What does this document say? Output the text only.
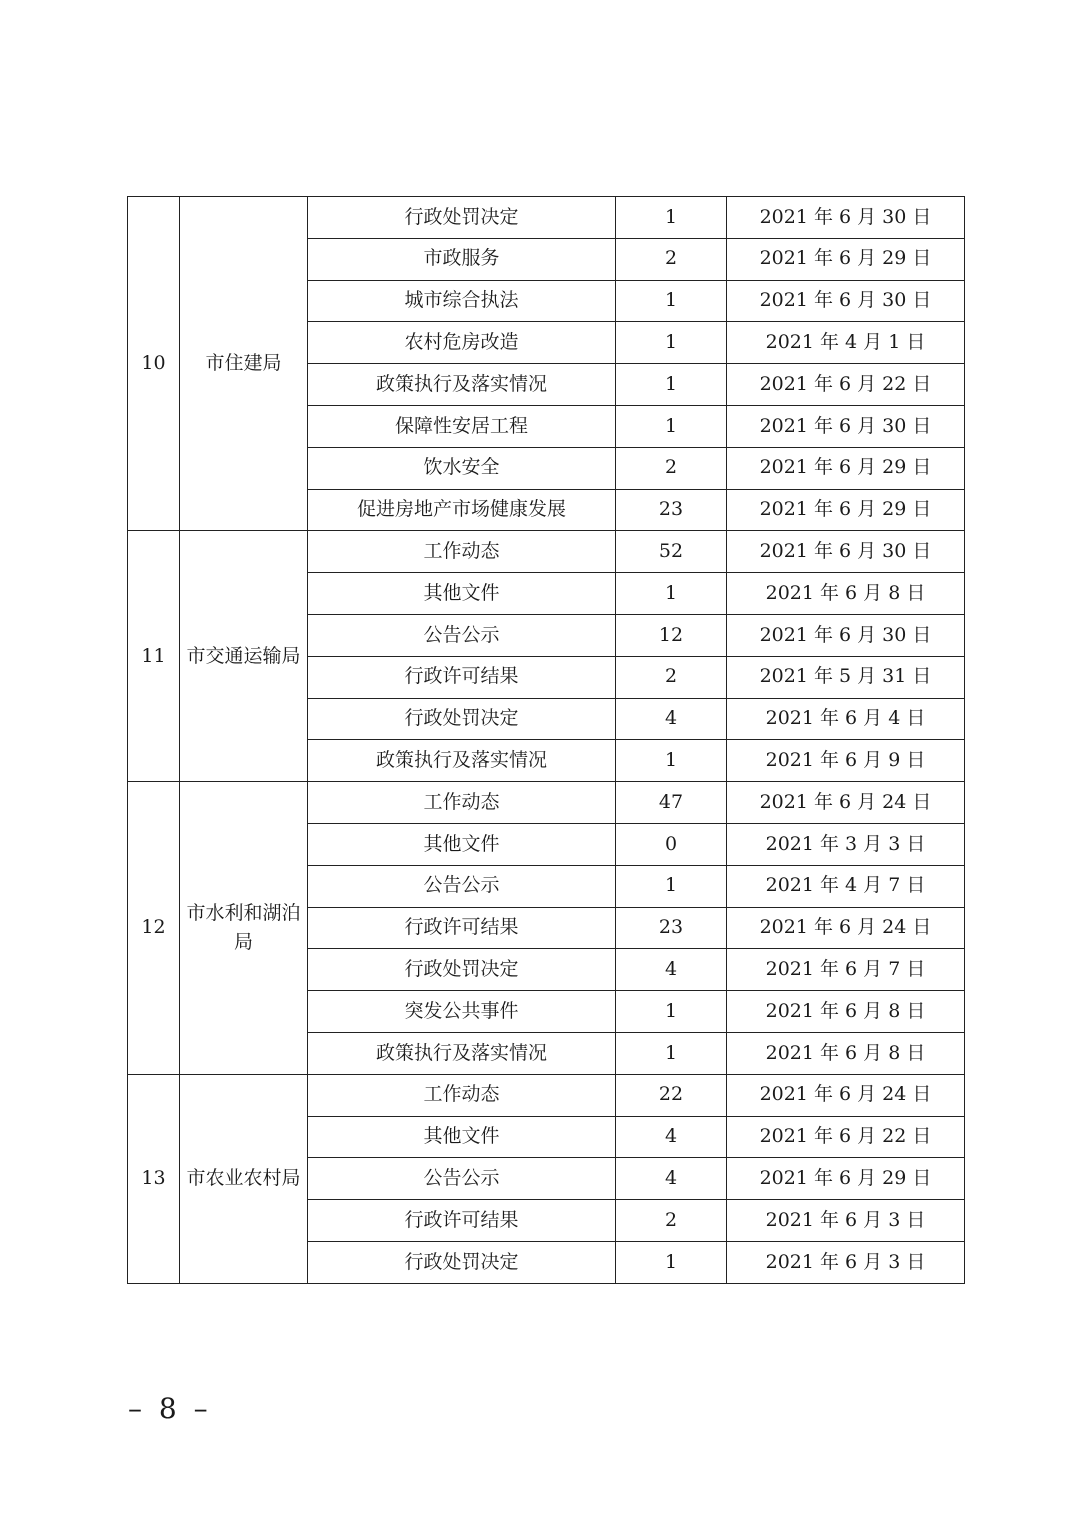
10	市住建局	行政处罚决定	1	2021 年 6 月 30 日
		市政服务	2	2021 年 6 月 29 日
		城市综合执法	1	2021 年 6 月 30 日
		农村危房改造	1	2021 年 4 月 1 日
		政策执行及落实情况	1	2021 年 6 月 22 日
		保障性安居工程	1	2021 年 6 月 30 日
		饮水安全	2	2021 年 6 月 29 日
		促进房地产市场健康发展	23	2021 年 6 月 29 日
11	市交通运输局	工作动态	52	2021 年 6 月 30 日
		其他文件	1	2021 年 6 月 8 日
		公告公示	12	2021 年 6 月 30 日
		行政许可结果	2	2021 年 5 月 31 日
		行政处罚决定	4	2021 年 6 月 4 日
		政策执行及落实情况	1	2021 年 6 月 9 日
12	市水利和湖泊局	工作动态	47	2021 年 6 月 24 日
		其他文件	0	2021 年 3 月 3 日
		公告公示	1	2021 年 4 月 7 日
		行政许可结果	23	2021 年 6 月 24 日
		行政处罚决定	4	2021 年 6 月 7 日
		突发公共事件	1	2021 年 6 月 8 日
		政策执行及落实情况	1	2021 年 6 月 8 日
13	市农业农村局	工作动态	22	2021 年 6 月 24 日
		其他文件	4	2021 年 6 月 22 日
		公告公示	4	2021 年 6 月 29 日
		行政许可结果	2	2021 年 6 月 3 日
		行政处罚决定	1	2021 年 6 月 3 日
– 8 –
